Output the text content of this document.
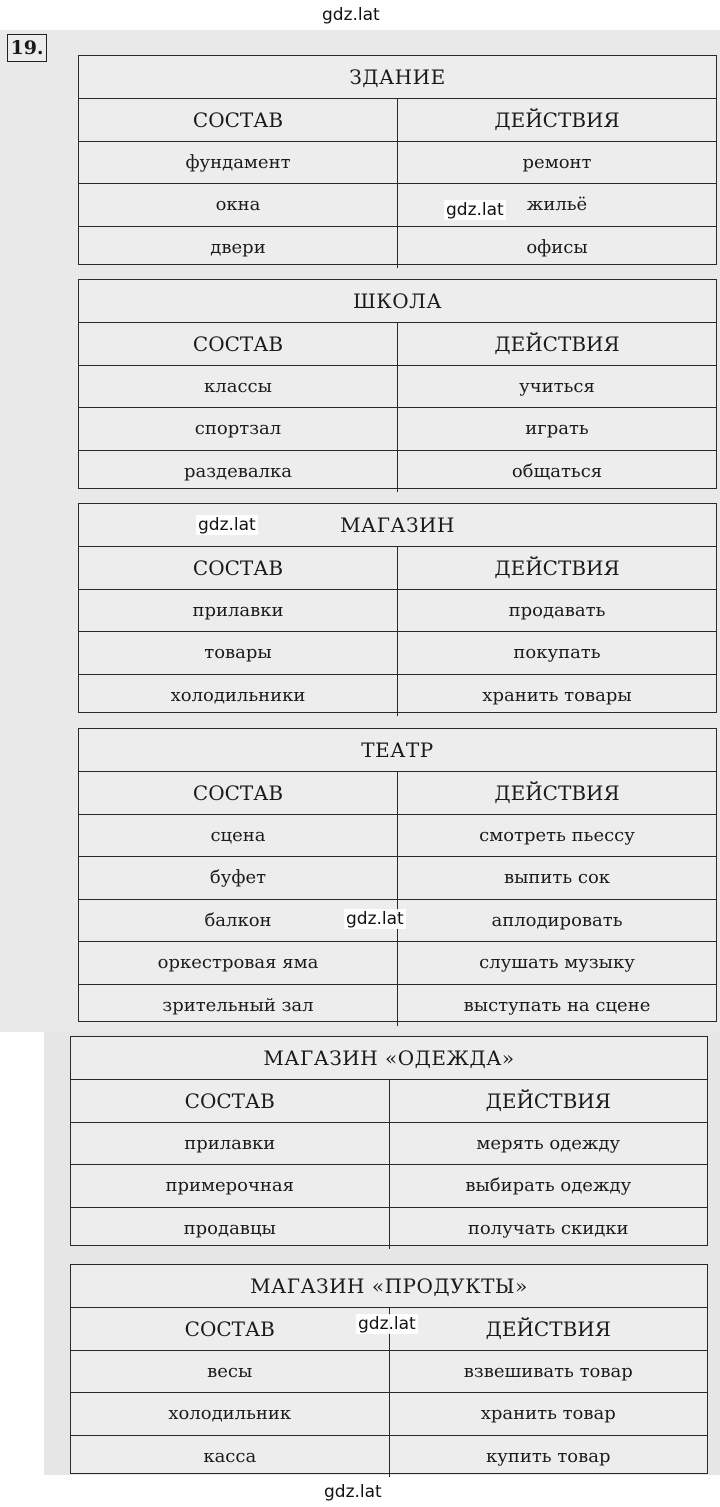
gdz.lat
gdz.lat
gdz.lat
gdz.lat
gdz.lat
gdz.lat
19.
ЗДАНИЕ
СОСТАВ	ДЕЙСТВИЯ
фундамент	ремонт
окна	жильё
двери	офисы
ШКОЛА
СОСТАВ	ДЕЙСТВИЯ
классы	учиться
спортзал	играть
раздевалка	общаться
МАГАЗИН
СОСТАВ	ДЕЙСТВИЯ
прилавки	продавать
товары	покупать
холодильники	хранить товары
ТЕАТР
СОСТАВ	ДЕЙСТВИЯ
сцена	смотреть пьессу
буфет	выпить сок
балкон	аплодировать
оркестровая яма	слушать музыку
зрительный зал	выступать на сцене
МАГАЗИН «ОДЕЖДА»
СОСТАВ	ДЕЙСТВИЯ
прилавки	мерять одежду
примерочная	выбирать одежду
продавцы	получать скидки
МАГАЗИН «ПРОДУКТЫ»
СОСТАВ	ДЕЙСТВИЯ
весы	взвешивать товар
холодильник	хранить товар
касса	купить товар
